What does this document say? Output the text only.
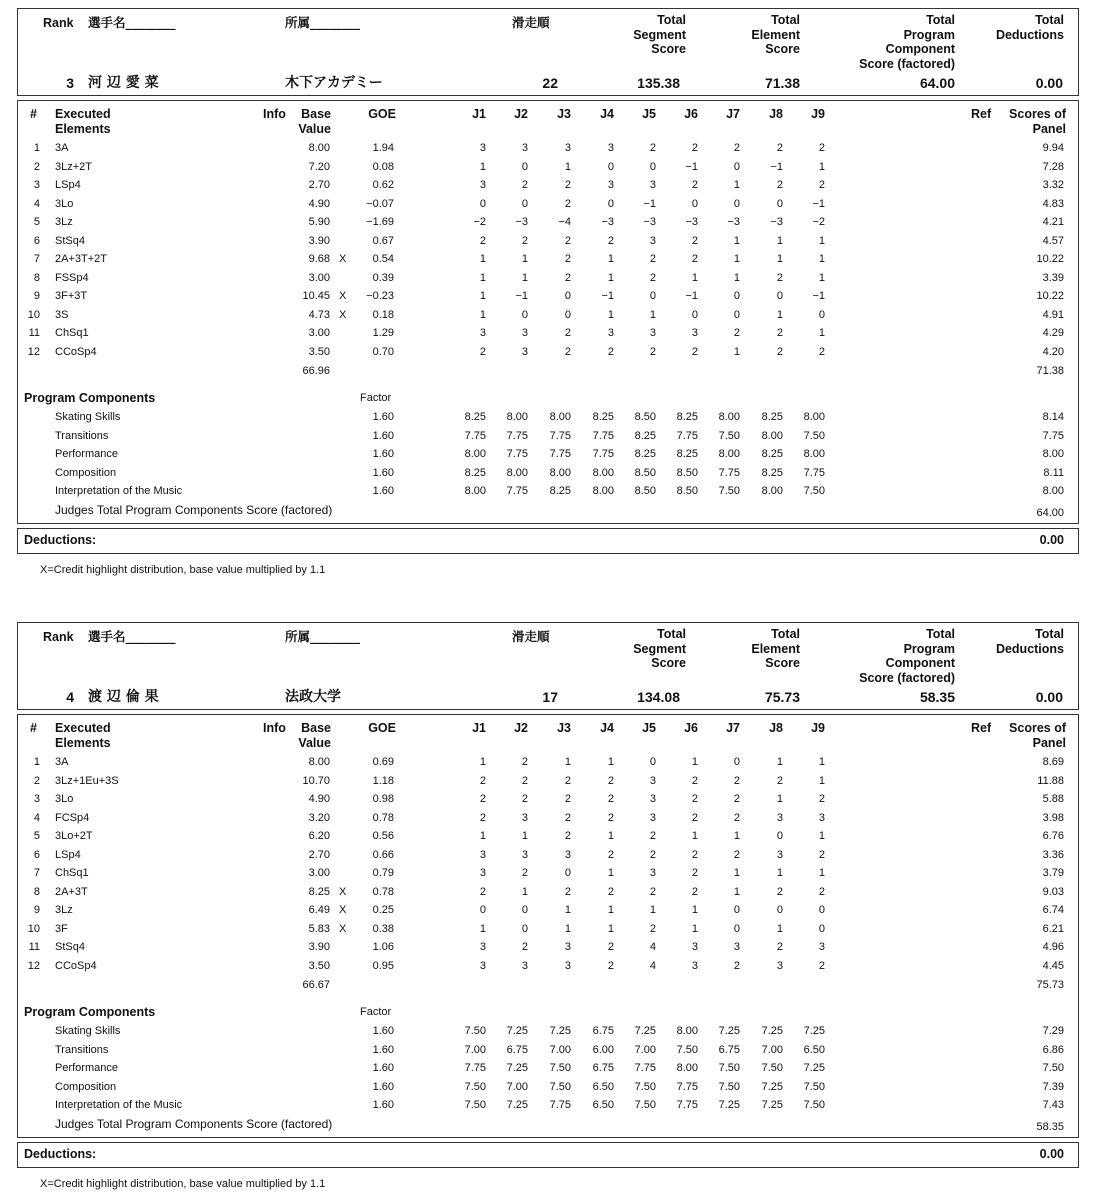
Rank 選手名________	所属________	滑走順	Total
Segment
Score
Total
Element
Score
Total
Program
Component
Score (factored)
Total
Deductions
3 河 辺 愛 菜	木下アカデミー	22	135.38	71.38	64.00	0.00
# Executed
Elements
Info	Base
Value
GOE	J1	J2	J3	J4	J5	J6	J7	J8	J9	Ref	Scores of
Panel
1 3A	8.00	1.94	3	3	3	3	2	2	2	2	2	9.94
2 3Lz+2T	7.20	0.08	1	0	1	0	0	−1	0	−1	1	7.28
3 LSp4	2.70	0.62	3	2	2	3	3	2	1	2	2	3.32
4 3Lo	4.90	−0.07	0	0	2	0	−1	0	0	0	−1	4.83
5 3Lz	5.90	−1.69	−2	−3	−4	−3	−3	−3	−3	−3	−2	4.21
6 StSq4	3.90	0.67	2	2	2	2	3	2	1	1	1	4.57
7 2A+3T+2T	9.68 X	0.54	1	1	2	1	2	2	1	1	1	10.22
8 FSSp4	3.00	0.39	1	1	2	1	2	1	1	2	1	3.39
9 3F+3T	10.45 X	−0.23	1	−1	0	−1	0	−1	0	0	−1	10.22
10 3S	4.73 X	0.18	1	0	0	1	1	0	0	1	0	4.91
11 ChSq1	3.00	1.29	3	3	2	3	3	3	2	2	1	4.29
12 CCoSp4	3.50	0.70	2	3	2	2	2	2	1	2	2	4.20
66.96	71.38
Program Components	Factor
Skating Skills	1.60	8.25	8.00	8.00	8.25	8.50	8.25	8.00	8.25	8.00	8.14
Transitions	1.60	7.75	7.75	7.75	7.75	8.25	7.75	7.50	8.00	7.50	7.75
Performance	1.60	8.00	7.75	7.75	7.75	8.25	8.25	8.00	8.25	8.00	8.00
Composition	1.60	8.25	8.00	8.00	8.00	8.50	8.50	7.75	8.25	7.75	8.11
Interpretation of the Music	1.60	8.00	7.75	8.25	8.00	8.50	8.50	7.50	8.00	7.50	8.00
Judges Total Program Components Score (factored)	64.00
Deductions:	0.00
X=Credit highlight distribution, base value multiplied by 1.1
Rank 選手名________	所属________	滑走順	Total
Segment
Score
Total
Element
Score
Total
Program
Component
Score (factored)
Total
Deductions
4 渡 辺 倫 果	法政大学	17	134.08	75.73	58.35	0.00
# Executed
Elements
Info	Base
Value
GOE	J1	J2	J3	J4	J5	J6	J7	J8	J9	Ref	Scores of
Panel
1 3A	8.00	0.69	1	2	1	1	0	1	0	1	1	8.69
2 3Lz+1Eu+3S	10.70	1.18	2	2	2	2	3	2	2	2	1	11.88
3 3Lo	4.90	0.98	2	2	2	2	3	2	2	1	2	5.88
4 FCSp4	3.20	0.78	2	3	2	2	3	2	2	3	3	3.98
5 3Lo+2T	6.20	0.56	1	1	2	1	2	1	1	0	1	6.76
6 LSp4	2.70	0.66	3	3	3	2	2	2	2	3	2	3.36
7 ChSq1	3.00	0.79	3	2	0	1	3	2	1	1	1	3.79
8 2A+3T	8.25 X	0.78	2	1	2	2	2	2	1	2	2	9.03
9 3Lz	6.49 X	0.25	0	0	1	1	1	1	0	0	0	6.74
10 3F	5.83 X	0.38	1	0	1	1	2	1	0	1	0	6.21
11 StSq4	3.90	1.06	3	2	3	2	4	3	3	2	3	4.96
12 CCoSp4	3.50	0.95	3	3	3	2	4	3	2	3	2	4.45
66.67	75.73
Program Components	Factor
Skating Skills	1.60	7.50	7.25	7.25	6.75	7.25	8.00	7.25	7.25	7.25	7.29
Transitions	1.60	7.00	6.75	7.00	6.00	7.00	7.50	6.75	7.00	6.50	6.86
Performance	1.60	7.75	7.25	7.50	6.75	7.75	8.00	7.50	7.50	7.25	7.50
Composition	1.60	7.50	7.00	7.50	6.50	7.50	7.75	7.50	7.25	7.50	7.39
Interpretation of the Music	1.60	7.50	7.25	7.75	6.50	7.50	7.75	7.25	7.25	7.50	7.43
Judges Total Program Components Score (factored)	58.35
Deductions:	0.00
X=Credit highlight distribution, base value multiplied by 1.1
